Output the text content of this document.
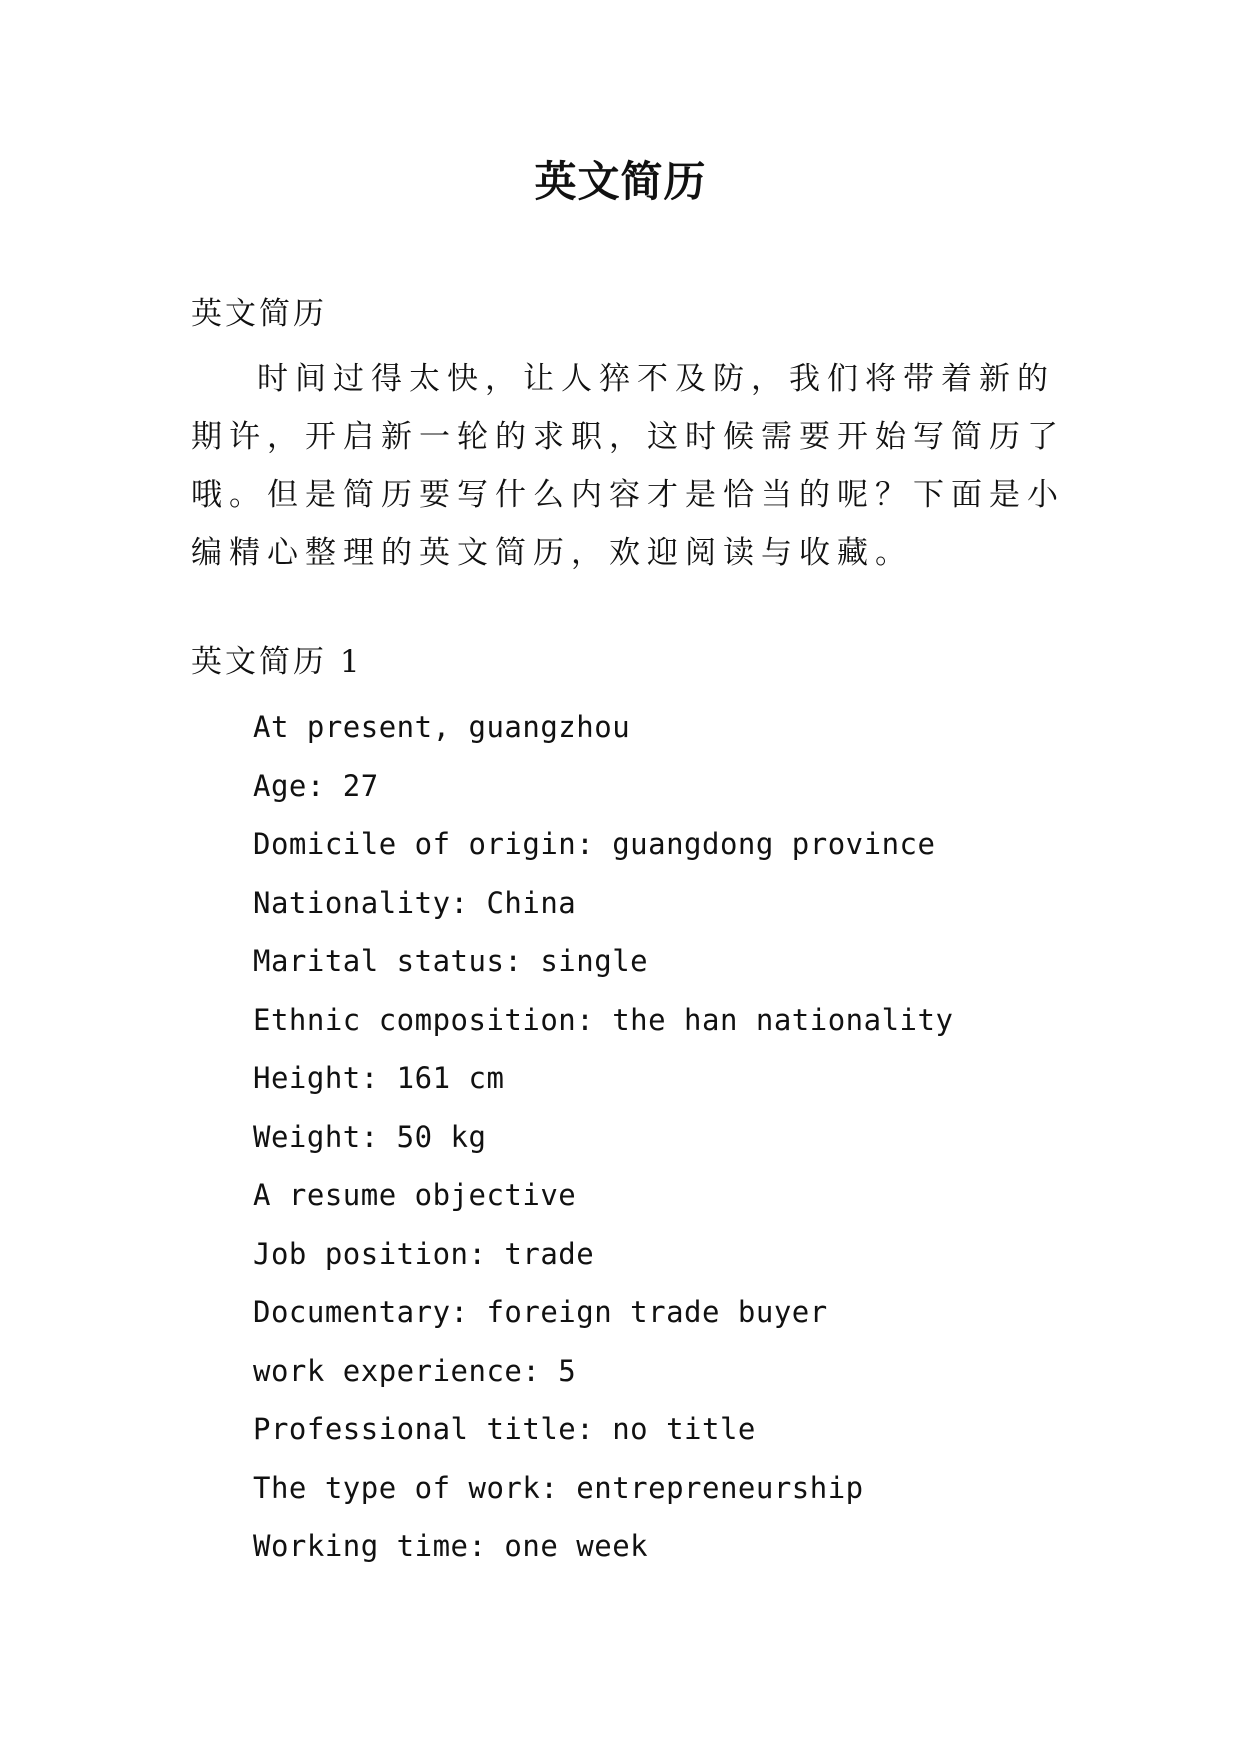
英文简历
英文简历
时间过得太快，让人猝不及防，我们将带着新的期许，开启新一轮的求职，这时候需要开始写简历了哦。但是简历要写什么内容才是恰当的呢？下面是小编精心整理的英文简历，欢迎阅读与收藏。
英文简历 1
At present, guangzhou
Age: 27
Domicile of origin: guangdong province
Nationality: China
Marital status: single
Ethnic composition: the han nationality
Height: 161 cm
Weight: 50 kg
A resume objective
Job position: trade
Documentary: foreign trade buyer
work experience: 5
Professional title: no title
The type of work: entrepreneurship
Working time: one week
